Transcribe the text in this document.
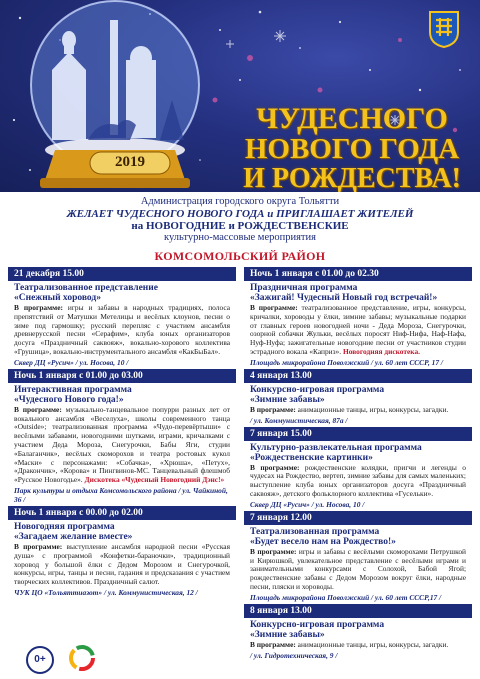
2019
ЧУДЕСНОГО
НОВОГО ГОДА
И РОЖДЕСТВА!
Администрация городского округа Тольятти
ЖЕЛАЕТ ЧУДЕСНОГО НОВОГО ГОДА и ПРИГЛАШАЕТ ЖИТЕЛЕЙ
на НОВОГОДНИЕ и РОЖДЕСТВЕНСКИЕ
культурно-массовые мероприятия
КОМСОМОЛЬСКИЙ РАЙОН
21 декабря 15.00
Театрализованное представление
«Снежный хоровод»
В программе: игры и забавы в народных традициях, полоса препятствий от Матушки Метелицы и весёлых клоунов, песни о зиме под гармошку; русский перепляс с участием ансамбля древнерусской песни «Серафим», клуба юных организаторов досуга «Праздничный саквояж», вокально-хорового коллектива «Грушица», вокально-инструментального ансамбля «КакБыБал».
Сквер ДЦ «Русич» / ул. Носова, 10 /
Ночь 1 января с 01.00 до 03.00
Интерактивная программа
«Чудесного Нового года!»
В программе: музыкально-танцевальное попурри разных лет от вокального ансамбля «Веселуха», школы современного танца «Outside»; театрализованная программа «Чудо-перевёртыши» с весёлыми забавами, новогодними шутками, играми, кричалками с участием Деда Мороза, Снегурочки, Бабы Яги, студии «Балаганчик», весёлых скоморохов и театра ростовых кукол «Маски» с персонажами: «Собачка», «Хрюша», «Петух», «Дракончик», «Корова» и Пингвинов-МС. Танцевальный флешмоб «Русское Новогодье». Дискотека «Чудесный Новогодний Дэнс!»
Парк культуры и отдыха Комсомольского района / ул. Чайкиной, 36 /
Ночь 1 января с 00.00 до 02.00
Новогодняя программа
«Загадаем желание вместе»
В программе: выступление ансамбля народной песни «Русская душа» с программой «Конфетки-бараночки», традиционный хоровод у большой ёлки с Дедом Морозом и Снегурочкой, конкурсы, игры, танцы и песни, гадания и предсказания с участием творческих коллективов. Праздничный салют.
ЧУК ЦО «Тольяттиазот» / ул. Коммунистическая, 12 /
Ночь 1 января с 01.00 до 02.30
Праздничная программа
«Зажигай! Чудесный Новый год встречай!»
В программе: театрализованное представление, игры, конкурсы, кричалки, хороводы у ёлки, зимние забавы; музыкальные подарки от главных героев новогодней ночи - Деда Мороза, Снегурочки, озорной собачки Жульки, весёлых поросят Ниф-Нифа, Наф-Нафа, Нуф-Нуфа; зажигательные новогодние песни от участников студии эстрадного вокала «Каприз». Новогодняя дискотека.
Площадь микрорайона Поволжский / ул. 60 лет СССР, 17 /
4 января 13.00
Конкурсно-игровая программа
«Зимние забавы»
В программе: анимационные танцы, игры, конкурсы, загадки.
/ ул. Коммунистическая, 87а /
7 января 15.00
Культурно-развлекательная программа
«Рождественские картинки»
В программе: рождественские колядки, пригчи и легенды о чудесах на Рождество, вертеп, зимние забавы для самых маленьких; выступление клуба юных организаторов досуга «Праздничный саквояж», детского фольклорного коллектива «Гусельки».
Сквер ДЦ «Русич» / ул. Носова, 10 /
7 января 12.00
Театрализованная программа
«Будет весело нам на Рождество!»
В программе: игры и забавы с весёлыми скоморохами Петрушкой и Кирюшкой, увлекательное представление с весёлыми играми и занимательными конкурсами с Солохой, Бабой Ягой; рождественские забавы с Дедом Морозом вокруг ёлки, народные песни, пляски и хороводы.
Площадь микрорайона Поволжский / ул. 60 лет СССР,17 /
8 января 13.00
Конкурсно-игровая программа
«Зимние забавы»
В программе: анимационные танцы, игры, конкурсы, загадки.
/ ул. Гидротехническая, 9 /
0+
